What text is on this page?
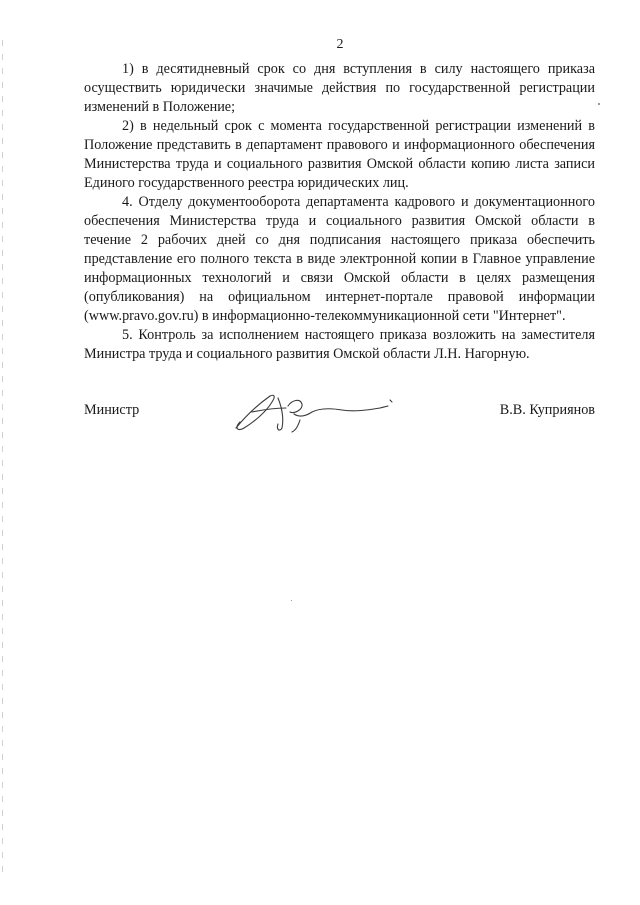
2

1) в десятидневный срок со дня вступления в силу настоящего приказа осуществить юридически значимые действия по государственной регистрации изменений в Положение;

2) в недельный срок с момента государственной регистрации изменений в Положение представить в департамент правового и информационного обеспечения Министерства труда и социального развития Омской области копию листа записи Единого государственного реестра юридических лиц.

4. Отделу документооборота департамента кадрового и документационного обеспечения Министерства труда и социального развития Омской области в течение 2 рабочих дней со дня подписания настоящего приказа обеспечить представление его полного текста в виде электронной копии в Главное управление информационных технологий и связи Омской области в целях размещения (опубликования) на официальном интернет-портале правовой информации (www.pravo.gov.ru) в информационно-телекоммуникационной сети "Интернет".

5. Контроль за исполнением настоящего приказа возложить на заместителя Министра труда и социального развития Омской области Л.Н. Нагорную.

Министр	В.В. Куприянов
